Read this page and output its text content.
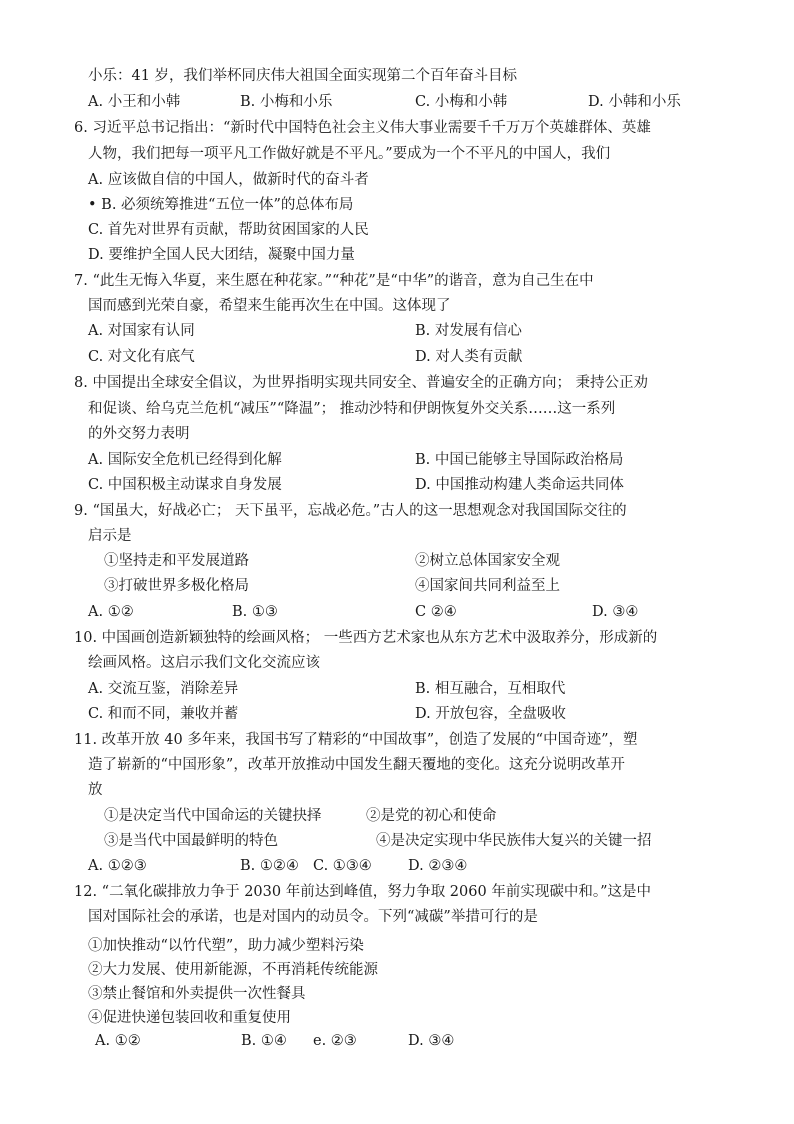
小乐：41 岁，我们举杯同庆伟大祖国全面实现第二个百年奋斗目标
A. 小王和小韩	B. 小梅和小乐	C. 小梅和小韩	D. 小韩和小乐
6. 习近平总书记指出：“新时代中国特色社会主义伟大事业需要千千万万个英雄群体、英雄
人物，我们把每一项平凡工作做好就是不平凡。”要成为一个不平凡的中国人，我们
A. 应该做自信的中国人，做新时代的奋斗者
• B. 必须统筹推进“五位一体”的总体布局
C. 首先对世界有贡献，帮助贫困国家的人民
D. 要维护全国人民大团结，凝聚中国力量
7. “此生无悔入华夏，来生愿在种花家。”“种花”是“中华”的谐音，意为自己生在中
国而感到光荣自豪，希望来生能再次生在中国。这体现了
A. 对国家有认同	B. 对发展有信心
C. 对文化有底气	D. 对人类有贡献
8. 中国提出全球安全倡议，为世界指明实现共同安全、普遍安全的正确方向； 秉持公正劝
和促谈、给乌克兰危机“减压”“降温”； 推动沙特和伊朗恢复外交关系……这一系列
的外交努力表明
A. 国际安全危机已经得到化解	B. 中国已能够主导国际政治格局
C. 中国积极主动谋求自身发展	D. 中国推动构建人类命运共同体
9. “国虽大，好战必亡； 天下虽平，忘战必危。”古人的这一思想观念对我国国际交往的
启示是
①坚持走和平发展道路	②树立总体国家安全观
③打破世界多极化格局	④国家间共同利益至上
A. ①②	B. ①③	C ②④	D. ③④
10. 中国画创造新颖独特的绘画风格； 一些西方艺术家也从东方艺术中汲取养分，形成新的
绘画风格。这启示我们文化交流应该
A. 交流互鉴，消除差异	B. 相互融合，互相取代
C. 和而不同，兼收并蓄	D. 开放包容，全盘吸收
11. 改革开放 40 多年来，我国书写了精彩的“中国故事”，创造了发展的“中国奇迹”，塑
造了崭新的“中国形象”，改革开放推动中国发生翻天覆地的变化。这充分说明改革开
放
①是决定当代中国命运的关键抉择	②是党的初心和使命
③是当代中国最鲜明的特色	④是决定实现中华民族伟大复兴的关键一招
A. ①②③	B. ①②④ C. ①③④ D. ②③④
12. “二氧化碳排放力争于 2030 年前达到峰值，努力争取 2060 年前实现碳中和。”这是中
国对国际社会的承诺，也是对国内的动员令。下列“减碳”举措可行的是
①加快推动“以竹代塑”，助力减少塑料污染
②大力发展、使用新能源，不再消耗传统能源
③禁止餐馆和外卖提供一次性餐具
④促进快递包装回收和重复使用
A. ①②	B. ①④ e. ②③	D. ③④
